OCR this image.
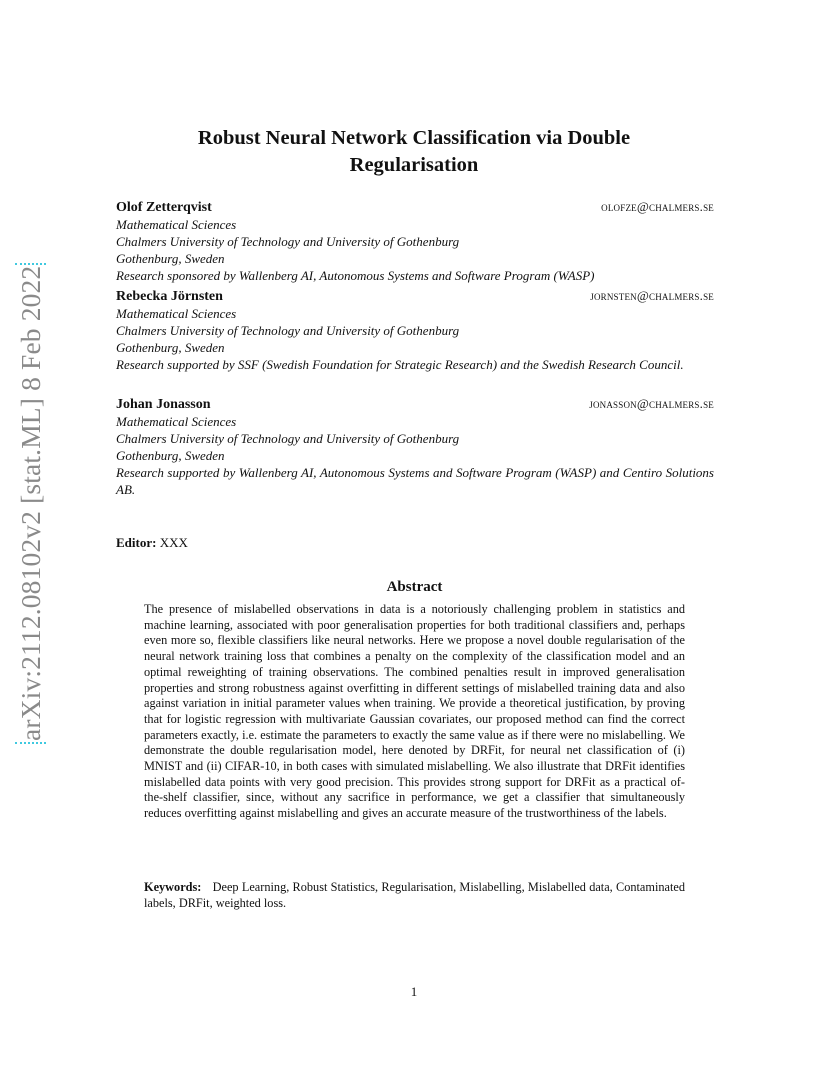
arXiv:2112.08102v2 [stat.ML] 8 Feb 2022
Robust Neural Network Classification via Double Regularisation
Olof Zetterqvist	olofze@chalmers.se
Mathematical Sciences
Chalmers University of Technology and University of Gothenburg
Gothenburg, Sweden
Research sponsored by Wallenberg AI, Autonomous Systems and Software Program (WASP)
Rebecka Jörnsten	jornsten@chalmers.se
Mathematical Sciences
Chalmers University of Technology and University of Gothenburg
Gothenburg, Sweden
Research supported by SSF (Swedish Foundation for Strategic Research) and the Swedish Research Council.
Johan Jonasson	jonasson@chalmers.se
Mathematical Sciences
Chalmers University of Technology and University of Gothenburg
Gothenburg, Sweden
Research supported by Wallenberg AI, Autonomous Systems and Software Program (WASP) and Centiro Solutions AB.
Editor: XXX
Abstract
The presence of mislabelled observations in data is a notoriously challenging problem in statistics and machine learning, associated with poor generalisation properties for both traditional classifiers and, perhaps even more so, flexible classifiers like neural networks. Here we propose a novel double regularisation of the neural network training loss that combines a penalty on the complexity of the classification model and an optimal reweighting of training observations. The combined penalties result in improved generalisation properties and strong robustness against overfitting in different settings of mislabelled training data and also against variation in initial parameter values when training. We provide a theoretical justification, by proving that for logistic regression with multivariate Gaussian covariates, our proposed method can find the correct parameters exactly, i.e. estimate the parameters to exactly the same value as if there were no mislabelling. We demonstrate the double regularisation model, here denoted by DRFit, for neural net classification of (i) MNIST and (ii) CIFAR-10, in both cases with simulated mislabelling. We also illustrate that DRFit identifies mislabelled data points with very good precision. This provides strong support for DRFit as a practical of-the-shelf classifier, since, without any sacrifice in performance, we get a classifier that simultaneously reduces overfitting against mislabelling and gives an accurate measure of the trustworthiness of the labels.
Keywords: Deep Learning, Robust Statistics, Regularisation, Mislabelling, Mislabelled data, Contaminated labels, DRFit, weighted loss.
1
